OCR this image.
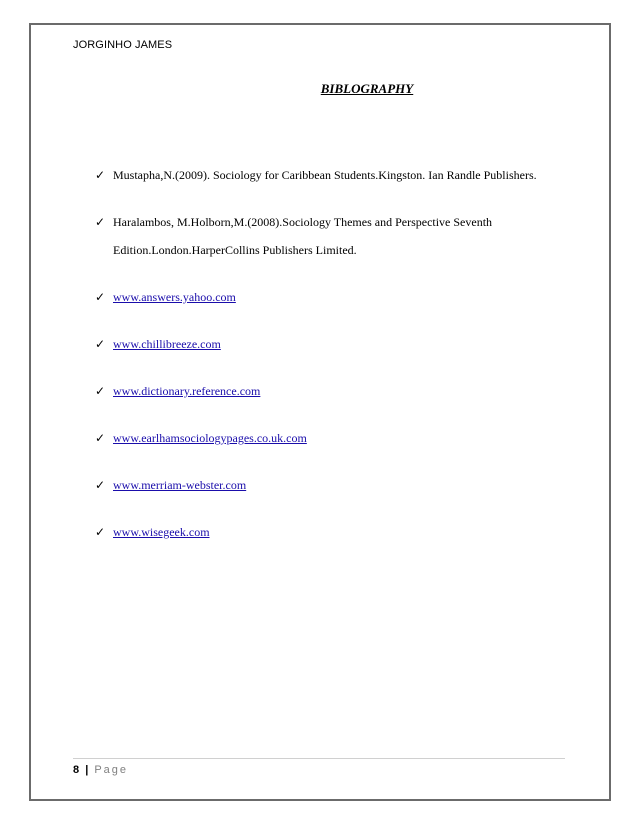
JORGINHO JAMES
BIBLOGRAPHY
✓ Mustapha,N.(2009). Sociology for Caribbean Students.Kingston. Ian Randle Publishers.
✓ Haralambos, M.Holborn,M.(2008).Sociology Themes and Perspective Seventh
Edition.London.HarperCollins Publishers Limited.
✓ www.answers.yahoo.com
✓ www.chillibreeze.com
✓ www.dictionary.reference.com
✓ www.earlhamsociologypages.co.uk.com
✓ www.merriam-webster.com
✓ www.wisegeek.com
8 | Page
